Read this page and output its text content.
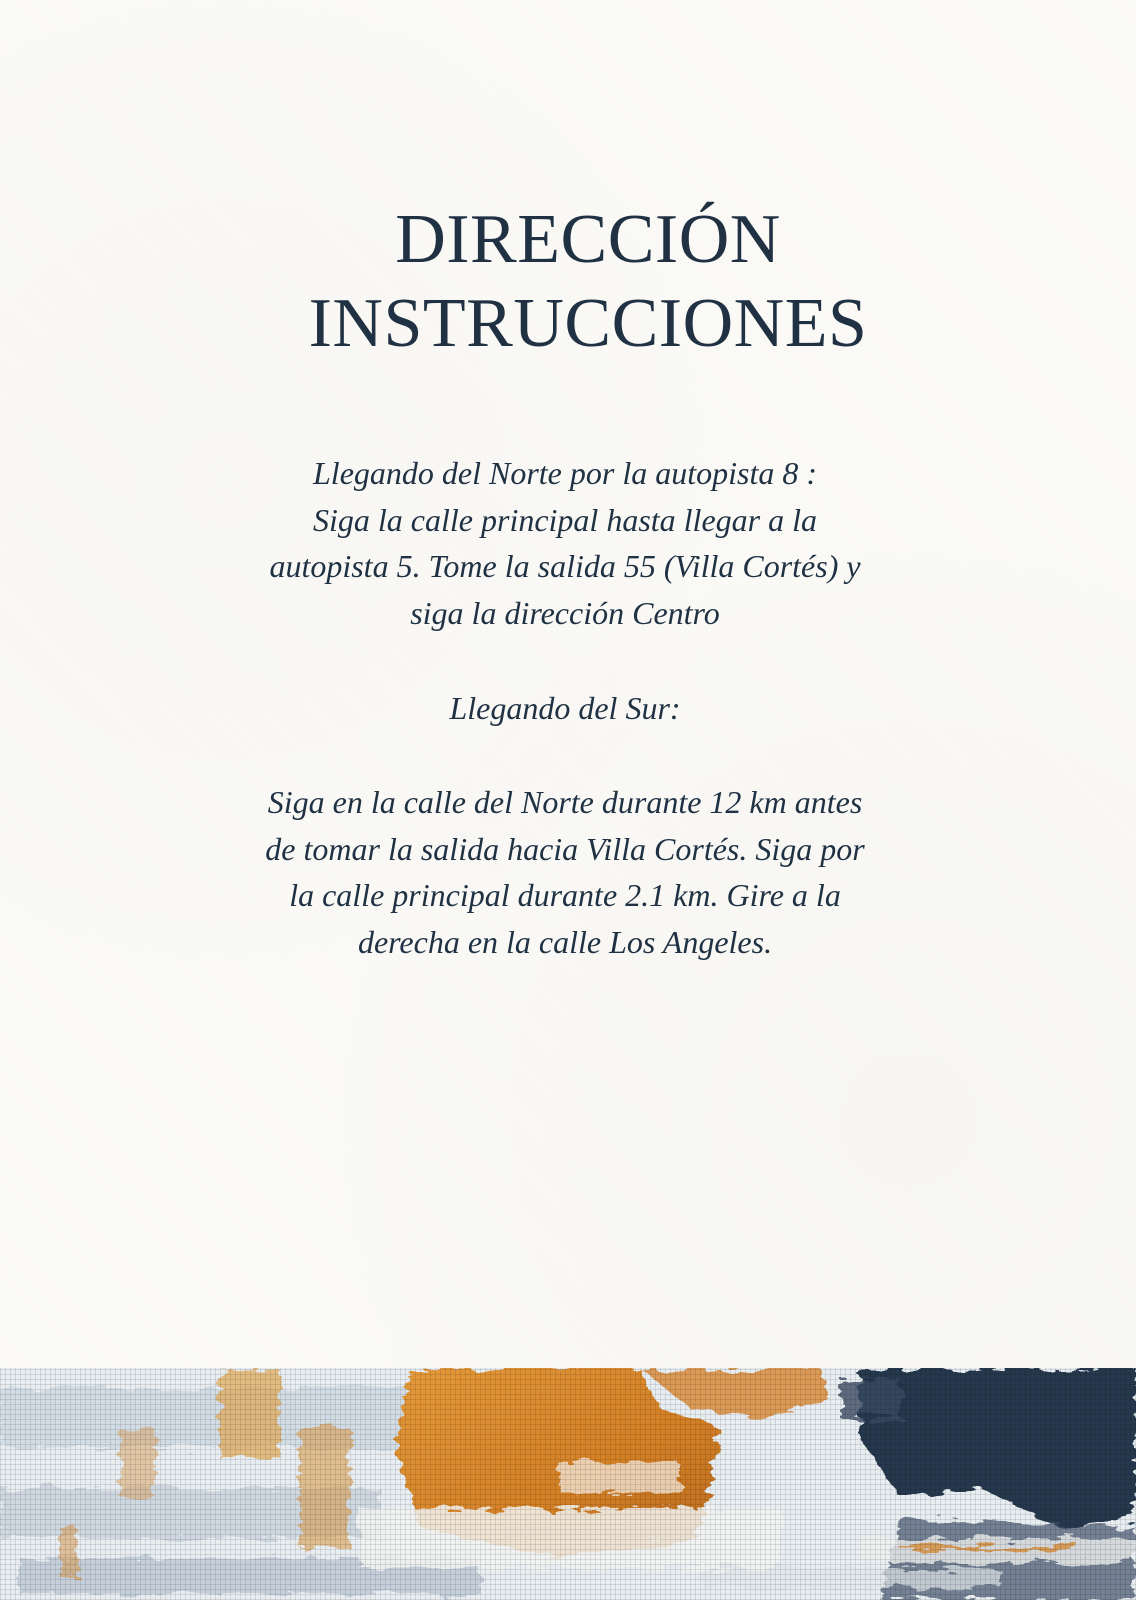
DIRECCIÓN
INSTRUCCIONES

Llegando del Norte por la autopista 8 :
Siga la calle principal hasta llegar a la
autopista 5. Tome la salida 55 (Villa Cortés) y
siga la dirección Centro

Llegando del Sur:

Siga en la calle del Norte durante 12 km antes
de tomar la salida hacia Villa Cortés. Siga por
la calle principal durante 2.1 km. Gire a la
derecha en la calle Los Angeles.
